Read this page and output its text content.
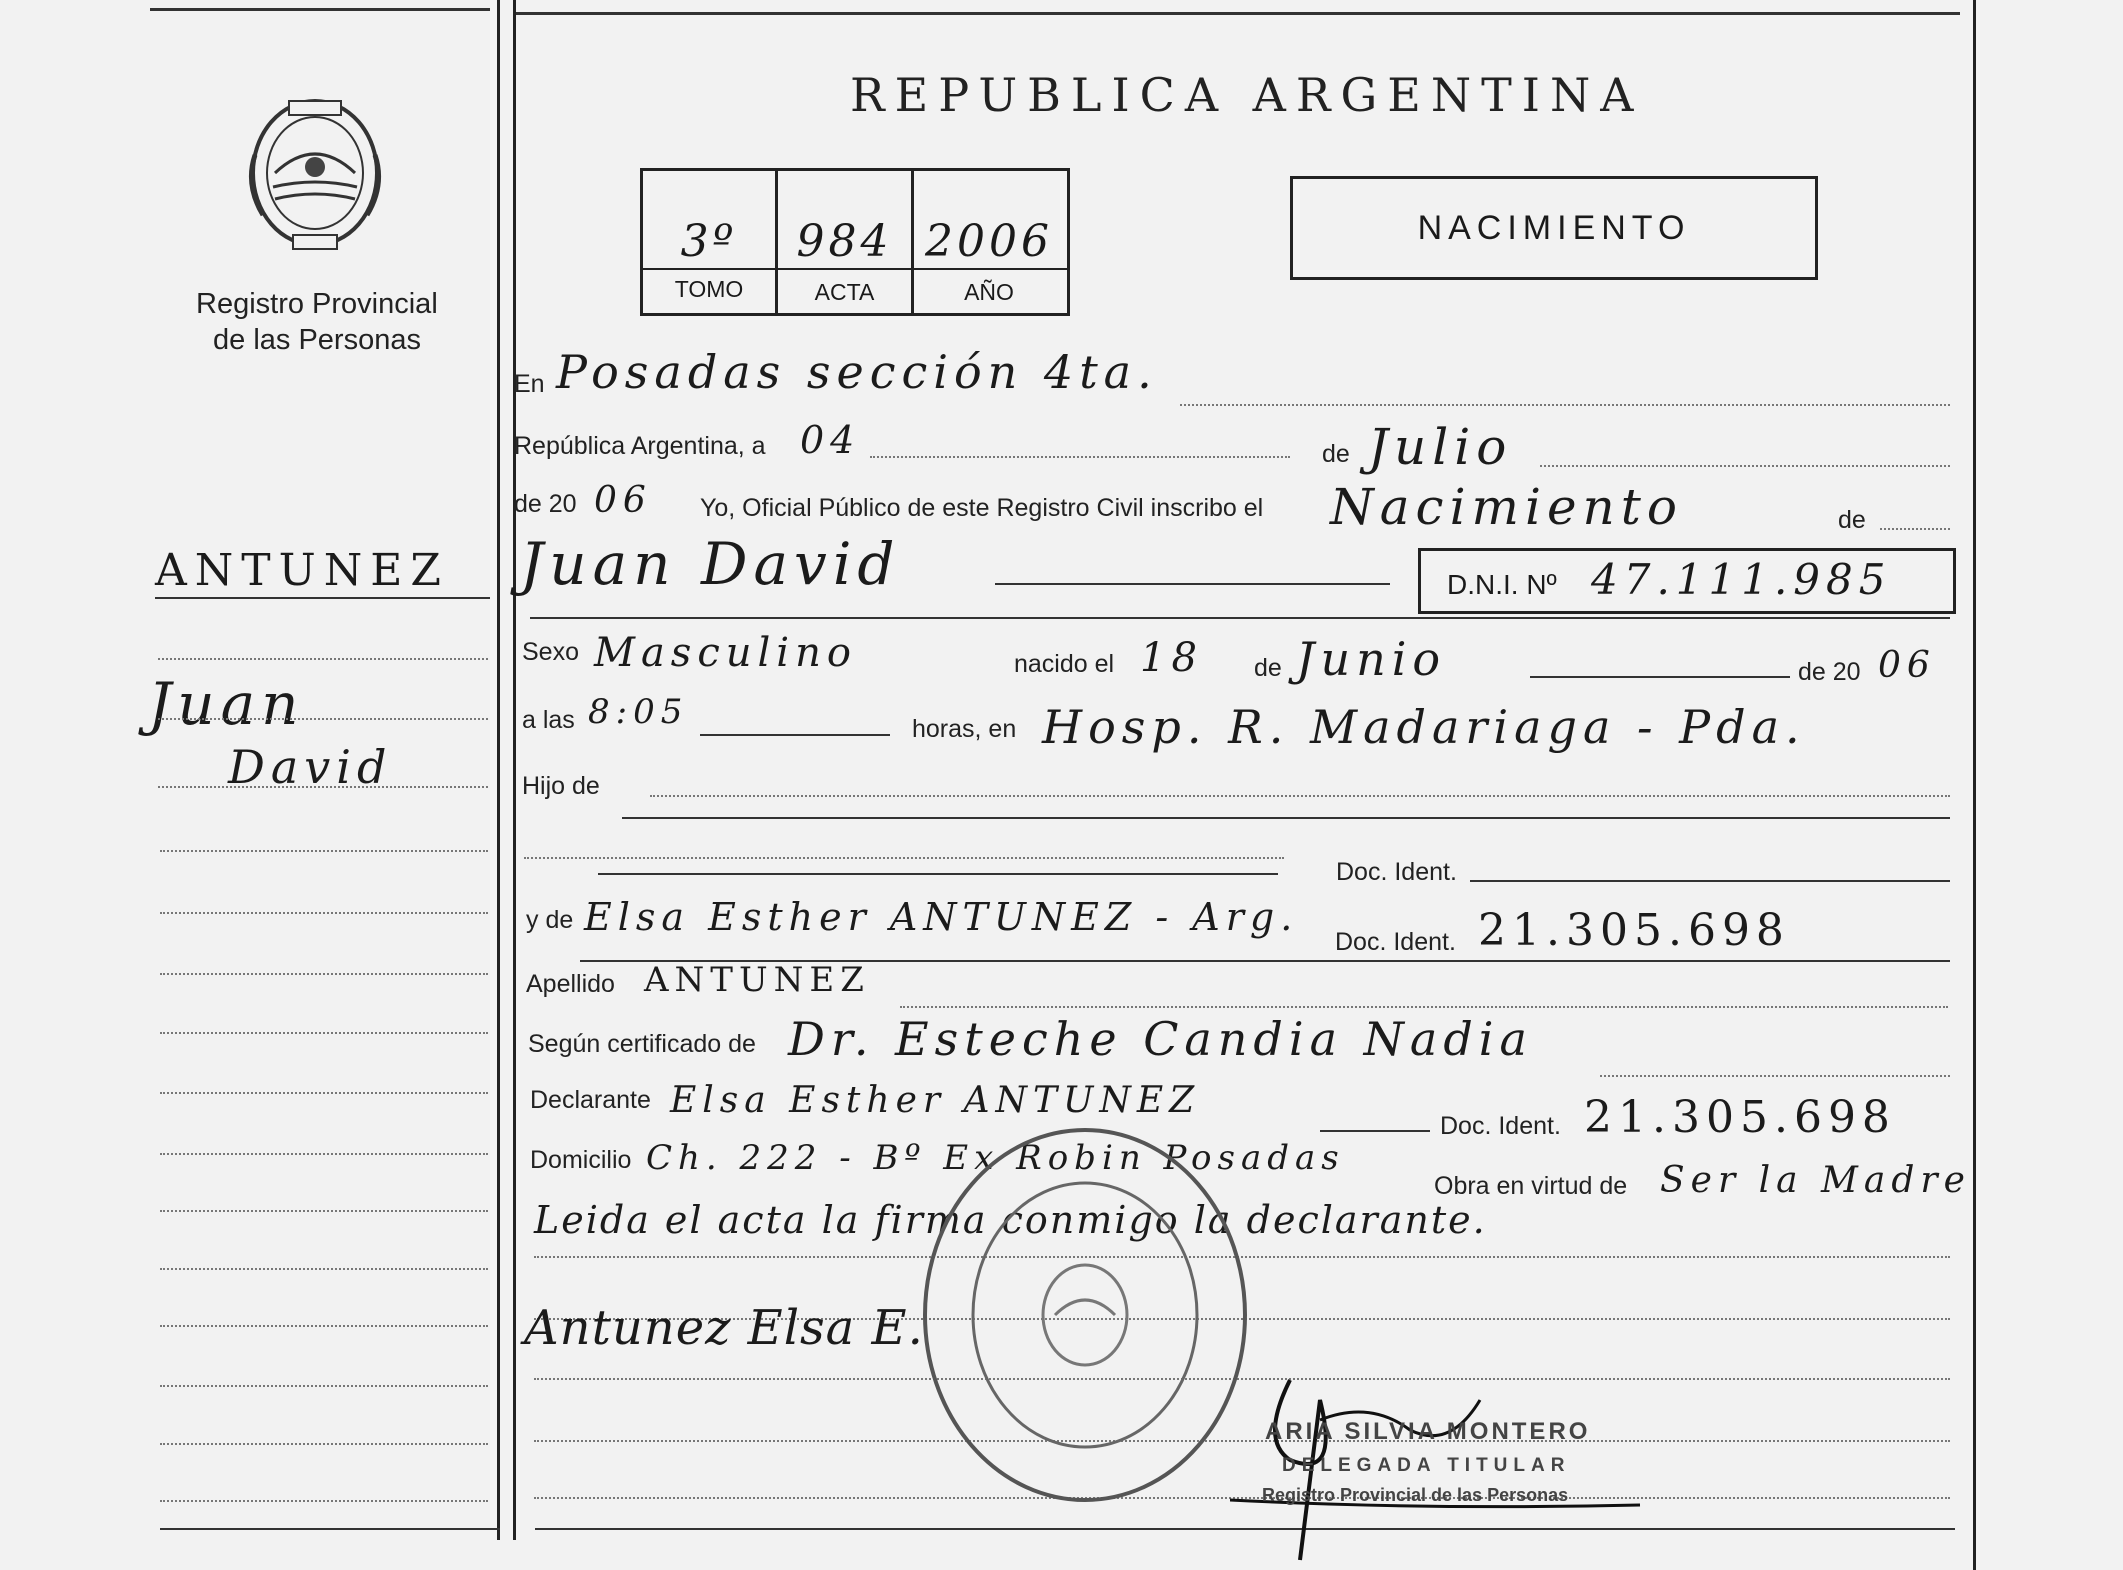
Registro Provincial
de las Personas
ANTUNEZ
Juan
David
REPUBLICA ARGENTINA
3º	984 2006
TOMO	ACTA	AÑO
NACIMIENTO
En Posadas sección 4ta.
República Argentina, a 04	de Julio
de 20 06 Yo, Oficial Público de este Registro Civil inscribo el Nacimiento	de
Juan David	D.N.I. Nº 47.111.985
Sexo Masculino	nacido el 18 de Junio	de 20 06
a las 8:05	horas, en Hosp. R. Madariaga - Pda.
Hijo de
Doc. Ident.
y de Elsa Esther ANTUNEZ - Arg.
Doc. Ident. 21.305.698
Apellido ANTUNEZ
Según certificado de Dr. Esteche Candia Nadia
Declarante Elsa Esther ANTUNEZ
Doc. Ident. 21.305.698
Domicilio Ch. 222 - Bº Ex Robin Posadas
Obra en virtud de Ser la Madre
Leida el acta la firma conmigo la declarante.
Antunez Elsa E.
ARIA SILVIA MONTERO
DELEGADA TITULAR
Registro Provincial de las Personas
